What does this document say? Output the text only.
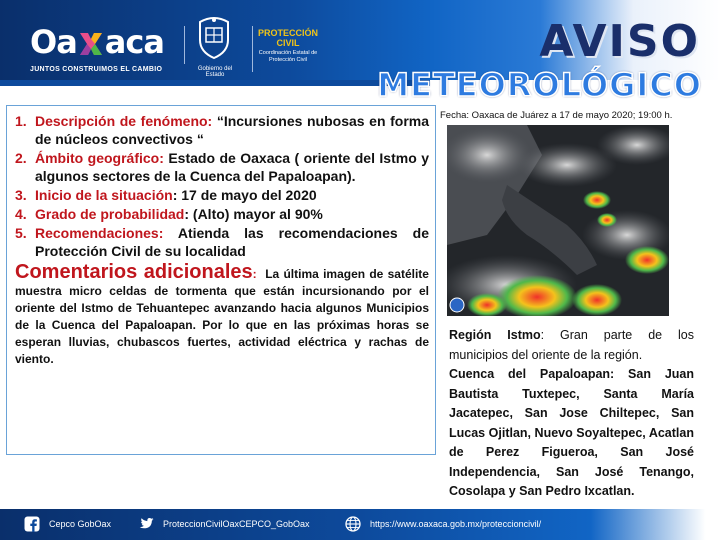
Oa aca
JUNTOS CONSTRUIMOS EL CAMBIO	Gobierno del Estado
PROTECCIÓN
CIVIL
Coordinación Estatal de Protección Civil	AVISO
METEOROLÓGICO
1. Descripción de fenómeno: “Incursiones nubosas en forma de núcleos convectivos “
2. Ámbito geográfico: Estado de Oaxaca ( oriente del Istmo y algunos sectores de la Cuenca del Papaloapan).
3. Inicio de la situación: 17 de mayo del 2020
4. Grado de probabilidad: (Alto) mayor al 90%
5. Recomendaciones: Atienda las recomendaciones de Protección Civil de su localidad

Comentarios adicionales: La última imagen de satélite muestra micro celdas de tormenta que están incursionando por el oriente del Istmo de Tehuantepec avanzando hacia algunos Municipios de la Cuenca del Papaloapan. Por lo que en las próximas horas se esperan lluvias, chubascos fuertes, actividad eléctrica y rachas de viento.

Fecha: Oaxaca de Juárez a 17 de mayo 2020; 19:00 h.

Región Istmo: Gran parte de los municipios del oriente de la región.

Cuenca del Papaloapan: San Juan Bautista Tuxtepec, Santa María Jacatepec, San Jose Chiltepec, San Lucas Ojitlan, Nuevo Soyaltepec, Acatlan de Perez Figueroa, San José Independencia, San José Tenango, Cosolapa y San Pedro Ixcatlan.

Cepco GobOax	ProteccionCivilOaxCEPCO_GobOax	https://www.oaxaca.gob.mx/proteccioncivil/
